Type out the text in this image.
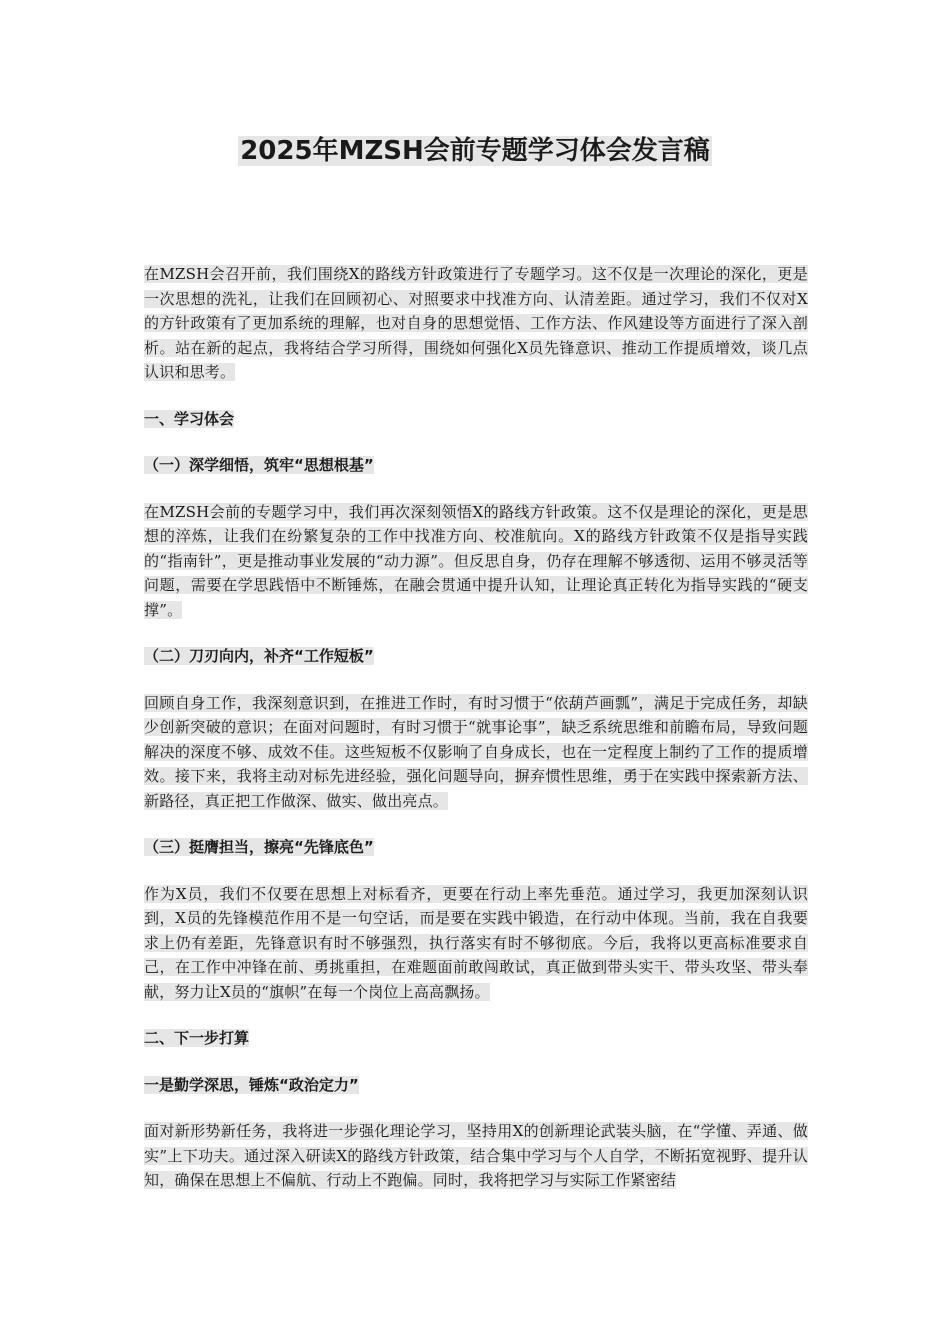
2025年MZSH会前专题学习体会发言稿

在MZSH会召开前，我们围绕X的路线方针政策进行了专题学习。这不仅是一次理论的深化，更是一次思想的洗礼，让我们在回顾初心、对照要求中找准方向、认清差距。通过学习，我们不仅对X的方针政策有了更加系统的理解，也对自身的思想觉悟、工作方法、作风建设等方面进行了深入剖析。站在新的起点，我将结合学习所得，围绕如何强化X员先锋意识、推动工作提质增效，谈几点认识和思考。

一、学习体会

（一）深学细悟，筑牢“思想根基”

在MZSH会前的专题学习中，我们再次深刻领悟X的路线方针政策。这不仅是理论的深化，更是思想的淬炼，让我们在纷繁复杂的工作中找准方向、校准航向。X的路线方针政策不仅是指导实践的“指南针”，更是推动事业发展的“动力源”。但反思自身，仍存在理解不够透彻、运用不够灵活等问题，需要在学思践悟中不断锤炼，在融会贯通中提升认知，让理论真正转化为指导实践的“硬支撑”。

（二）刀刃向内，补齐“工作短板”

回顾自身工作，我深刻意识到，在推进工作时，有时习惯于“依葫芦画瓢”，满足于完成任务，却缺少创新突破的意识；在面对问题时，有时习惯于“就事论事”，缺乏系统思维和前瞻布局，导致问题解决的深度不够、成效不佳。这些短板不仅影响了自身成长，也在一定程度上制约了工作的提质增效。接下来，我将主动对标先进经验，强化问题导向，摒弃惯性思维，勇于在实践中探索新方法、新路径，真正把工作做深、做实、做出亮点。

（三）挺膺担当，擦亮“先锋底色”

作为X员，我们不仅要在思想上对标看齐，更要在行动上率先垂范。通过学习，我更加深刻认识到，X员的先锋模范作用不是一句空话，而是要在实践中锻造，在行动中体现。当前，我在自我要求上仍有差距，先锋意识有时不够强烈，执行落实有时不够彻底。今后，我将以更高标准要求自己，在工作中冲锋在前、勇挑重担，在难题面前敢闯敢试，真正做到带头实干、带头攻坚、带头奉献，努力让X员的“旗帜”在每一个岗位上高高飘扬。

二、下一步打算

一是勤学深思，锤炼“政治定力”

面对新形势新任务，我将进一步强化理论学习，坚持用X的创新理论武装头脑，在“学懂、弄通、做实”上下功夫。通过深入研读X的路线方针政策，结合集中学习与个人自学，不断拓宽视野、提升认知，确保在思想上不偏航、行动上不跑偏。同时，我将把学习与实际工作紧密结
